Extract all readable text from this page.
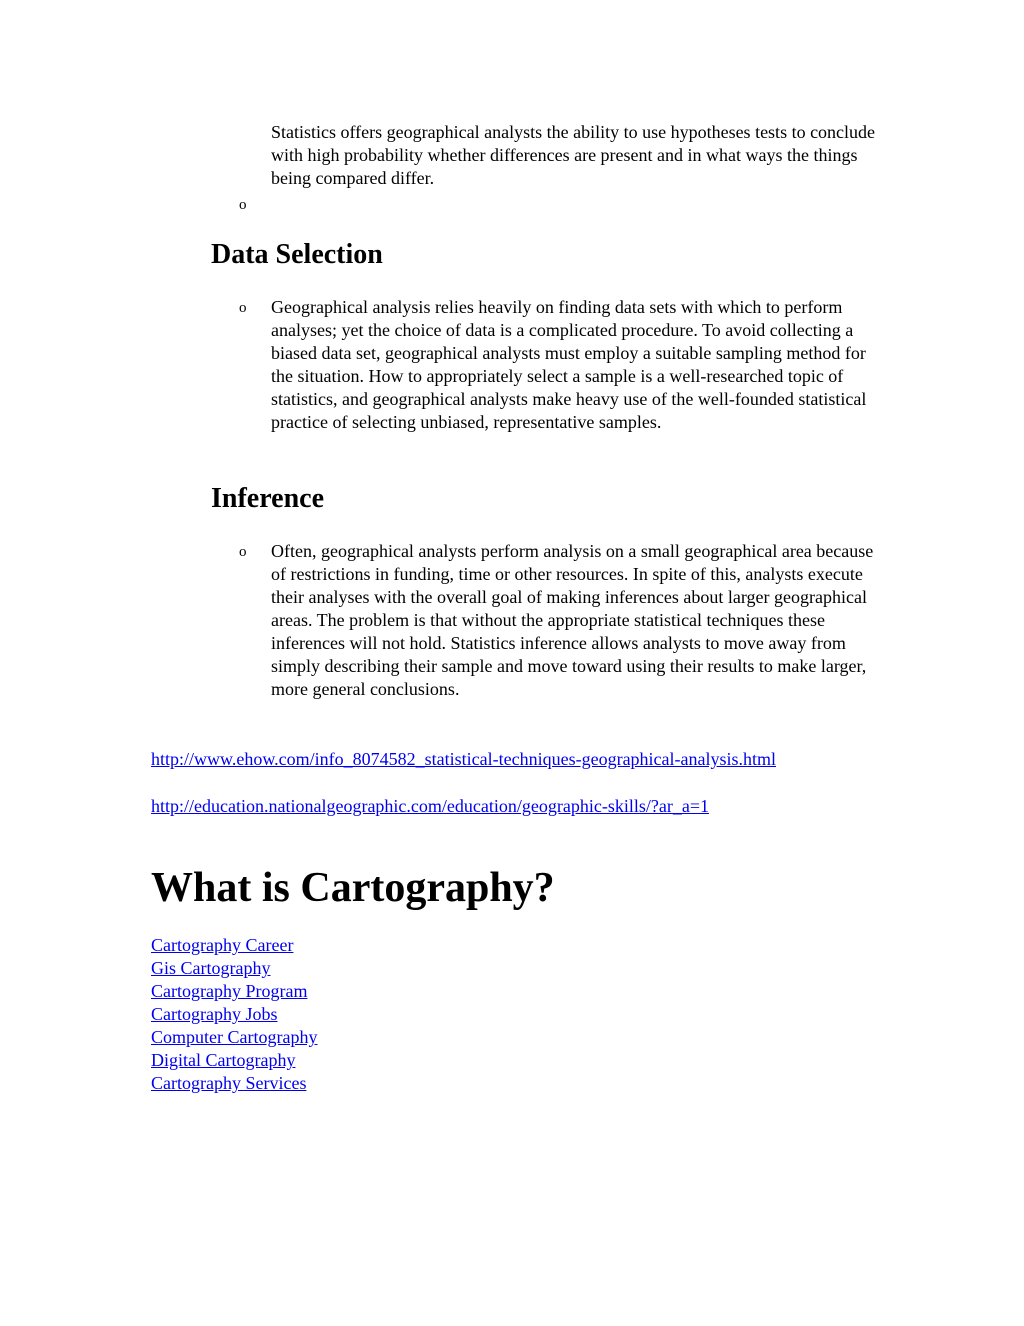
Statistics offers geographical analysts the ability to use hypotheses tests to conclude with high probability whether differences are present and in what ways the things being compared differ.

o
Data Selection
o Geographical analysis relies heavily on finding data sets with which to perform analyses; yet the choice of data is a complicated procedure. To avoid collecting a biased data set, geographical analysts must employ a suitable sampling method for the situation. How to appropriately select a sample is a well-researched topic of statistics, and geographical analysts make heavy use of the well-founded statistical practice of selecting unbiased, representative samples.

Inference
o Often, geographical analysts perform analysis on a small geographical area because of restrictions in funding, time or other resources. In spite of this, analysts execute their analyses with the overall goal of making inferences about larger geographical areas. The problem is that without the appropriate statistical techniques these inferences will not hold. Statistics inference allows analysts to move away from simply describing their sample and move toward using their results to make larger, more general conclusions.

http://www.ehow.com/info_8074582_statistical-techniques-geographical-analysis.html
http://education.nationalgeographic.com/education/geographic-skills/?ar_a=1
What is Cartography?
Cartography Career
Gis Cartography
Cartography Program
Cartography Jobs
Computer Cartography
Digital Cartography
Cartography Services
